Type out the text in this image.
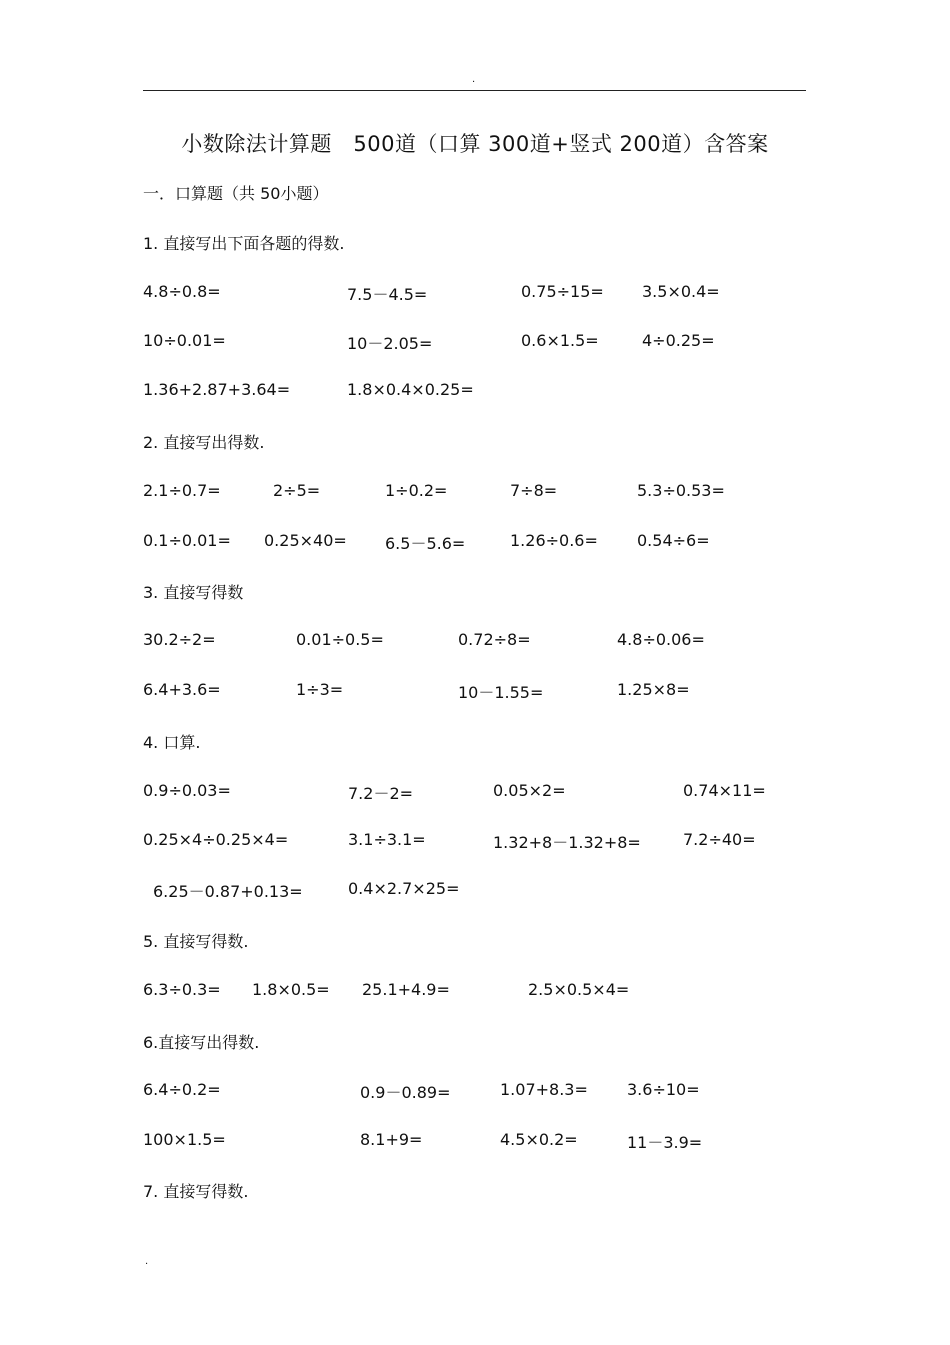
.
小数除法计算题　500道（口算 300道+竖式 200道）含答案
一．口算题（共 50小题）
1. 直接写出下面各题的得数.
4.8÷0.8=	7.5－4.5=	0.75÷15= 3.5×0.4=
10÷0.01=	10－2.05=	0.6×1.5=	4÷0.25=
1.36+2.87+3.64=	1.8×0.4×0.25=
2. 直接写出得数.
2.1÷0.7=	2÷5=	1÷0.2=	7÷8=	5.3÷0.53=
0.1÷0.01= 0.25×40= 6.5－5.6=	1.26÷0.6= 0.54÷6=
3. 直接写得数
30.2÷2=	0.01÷0.5=	0.72÷8=	4.8÷0.06=
6.4+3.6=	1÷3=	10－1.55=	1.25×8=
4. 口算.
0.9÷0.03=	7.2－2=	0.05×2=	0.74×11=
0.25×4÷0.25×4=	3.1÷3.1=	1.32+8－1.32+8=	7.2÷40=
6.25－0.87+0.13=	0.4×2.7×25=
5. 直接写得数.
6.3÷0.3= 1.8×0.5= 25.1+4.9=	2.5×0.5×4=
6.直接写出得数.
6.4÷0.2=	0.9－0.89=	1.07+8.3= 3.6÷10=
100×1.5=	8.1+9=	4.5×0.2=	11－3.9=
7. 直接写得数.
.
